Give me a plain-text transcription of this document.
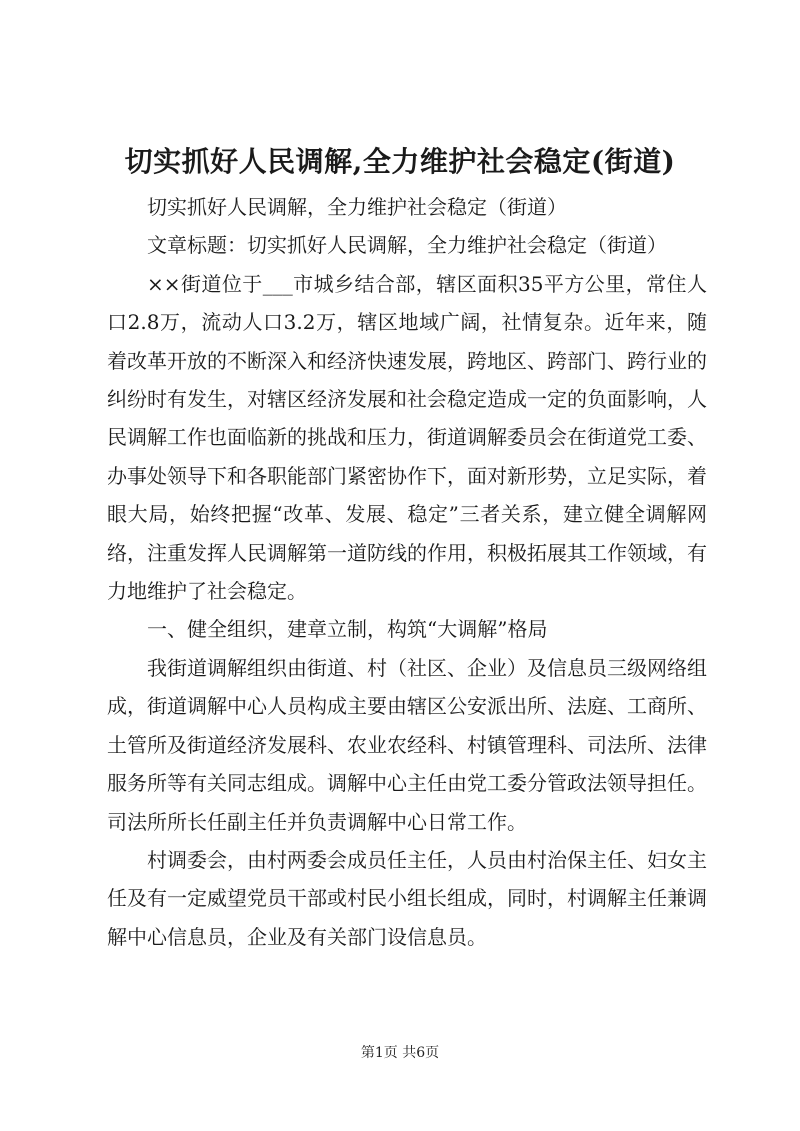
切实抓好人民调解,全力维护社会稳定(街道)

切实抓好人民调解，全力维护社会稳定（街道）

文章标题：切实抓好人民调解，全力维护社会稳定（街道）

××街道位于___市城乡结合部，辖区面积35平方公里，常住人口2.8万，流动人口3.2万，辖区地域广阔，社情复杂。近年来，随着改革开放的不断深入和经济快速发展，跨地区、跨部门、跨行业的纠纷时有发生，对辖区经济发展和社会稳定造成一定的负面影响，人民调解工作也面临新的挑战和压力，街道调解委员会在街道党工委、办事处领导下和各职能部门紧密协作下，面对新形势，立足实际，着眼大局，始终把握“改革、发展、稳定”三者关系，建立健全调解网络，注重发挥人民调解第一道防线的作用，积极拓展其工作领域，有力地维护了社会稳定。

一、健全组织，建章立制，构筑“大调解”格局

我街道调解组织由街道、村（社区、企业）及信息员三级网络组成，街道调解中心人员构成主要由辖区公安派出所、法庭、工商所、土管所及街道经济发展科、农业农经科、村镇管理科、司法所、法律服务所等有关同志组成。调解中心主任由党工委分管政法领导担任。司法所所长任副主任并负责调解中心日常工作。

村调委会，由村两委会成员任主任，人员由村治保主任、妇女主任及有一定威望党员干部或村民小组长组成，同时，村调解主任兼调解中心信息员，企业及有关部门设信息员。

第1页 共6页
